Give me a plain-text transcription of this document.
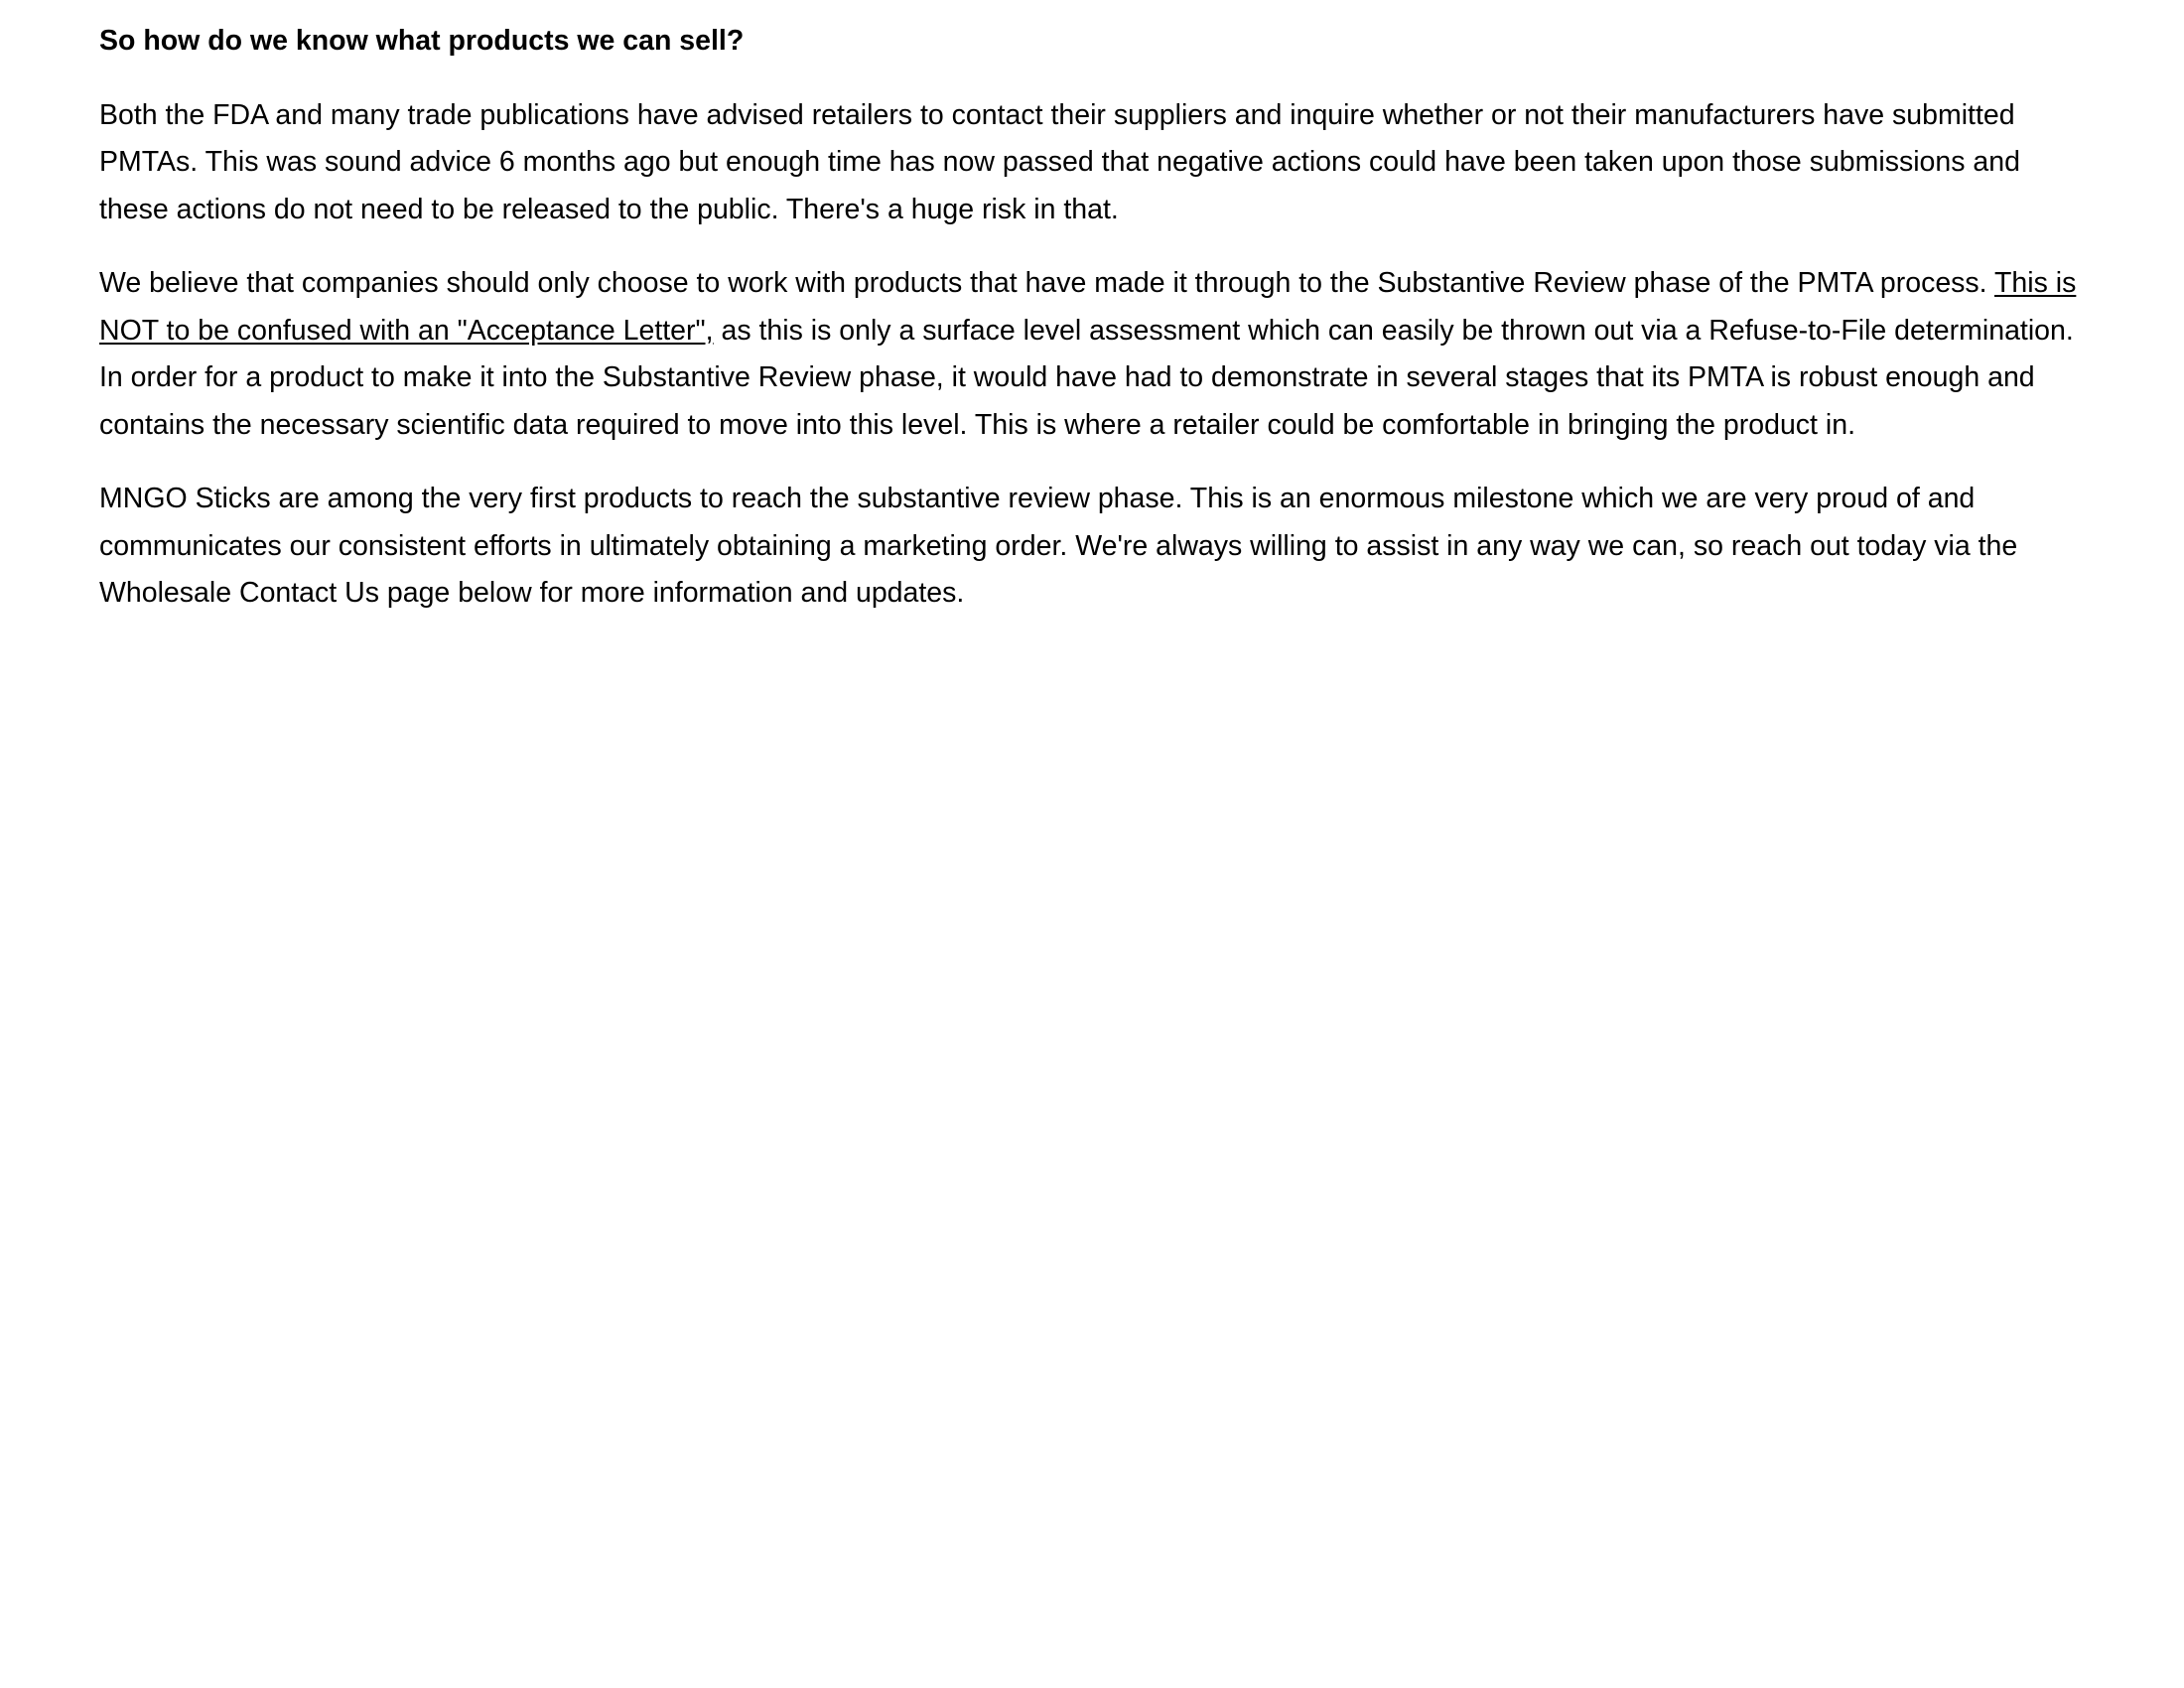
So how do we know what products we can sell?
Both the FDA and many trade publications have advised retailers to contact their suppliers and inquire whether or not their manufacturers have submitted PMTAs. This was sound advice 6 months ago but enough time has now passed that negative actions could have been taken upon those submissions and these actions do not need to be released to the public. There's a huge risk in that.
We believe that companies should only choose to work with products that have made it through to the Substantive Review phase of the PMTA process. This is NOT to be confused with an "Acceptance Letter", as this is only a surface level assessment which can easily be thrown out via a Refuse-to-File determination. In order for a product to make it into the Substantive Review phase, it would have had to demonstrate in several stages that its PMTA is robust enough and contains the necessary scientific data required to move into this level. This is where a retailer could be comfortable in bringing the product in.
MNGO Sticks are among the very first products to reach the substantive review phase. This is an enormous milestone which we are very proud of and communicates our consistent efforts in ultimately obtaining a marketing order. We're always willing to assist in any way we can, so reach out today via the Wholesale Contact Us page below for more information and updates.
